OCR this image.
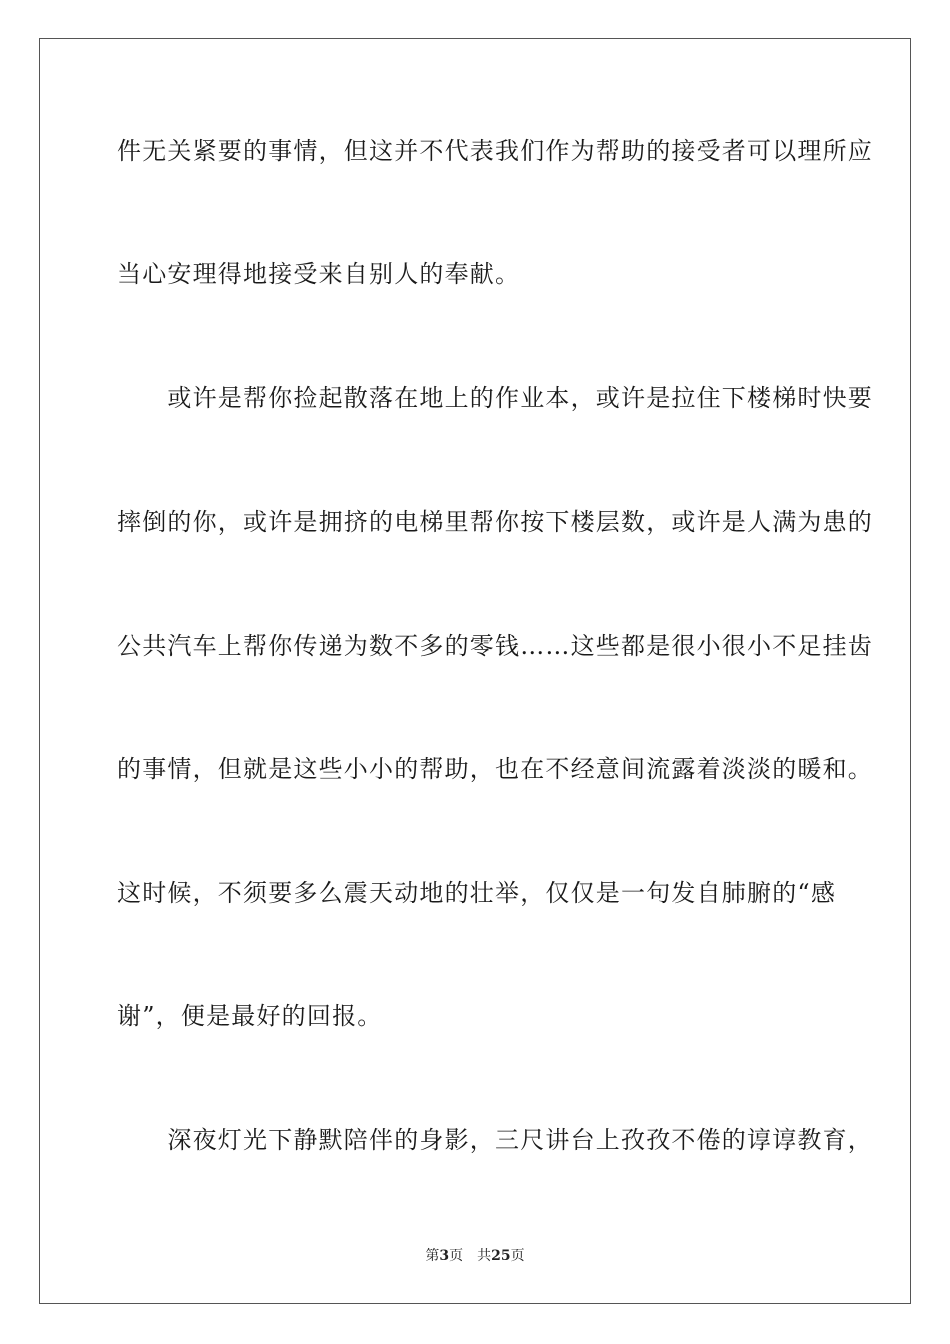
件无关紧要的事情，但这并不代表我们作为帮助的接受者可以理所应
当心安理得地接受来自别人的奉献。
　　或许是帮你捡起散落在地上的作业本，或许是拉住下楼梯时快要
摔倒的你，或许是拥挤的电梯里帮你按下楼层数，或许是人满为患的
公共汽车上帮你传递为数不多的零钱……这些都是很小很小不足挂齿
的事情，但就是这些小小的帮助，也在不经意间流露着淡淡的暖和。
这时候，不须要多么震天动地的壮举，仅仅是一句发自肺腑的“感
谢”，便是最好的回报。
　　深夜灯光下静默陪伴的身影，三尺讲台上孜孜不倦的谆谆教育，
第3页 共25页
